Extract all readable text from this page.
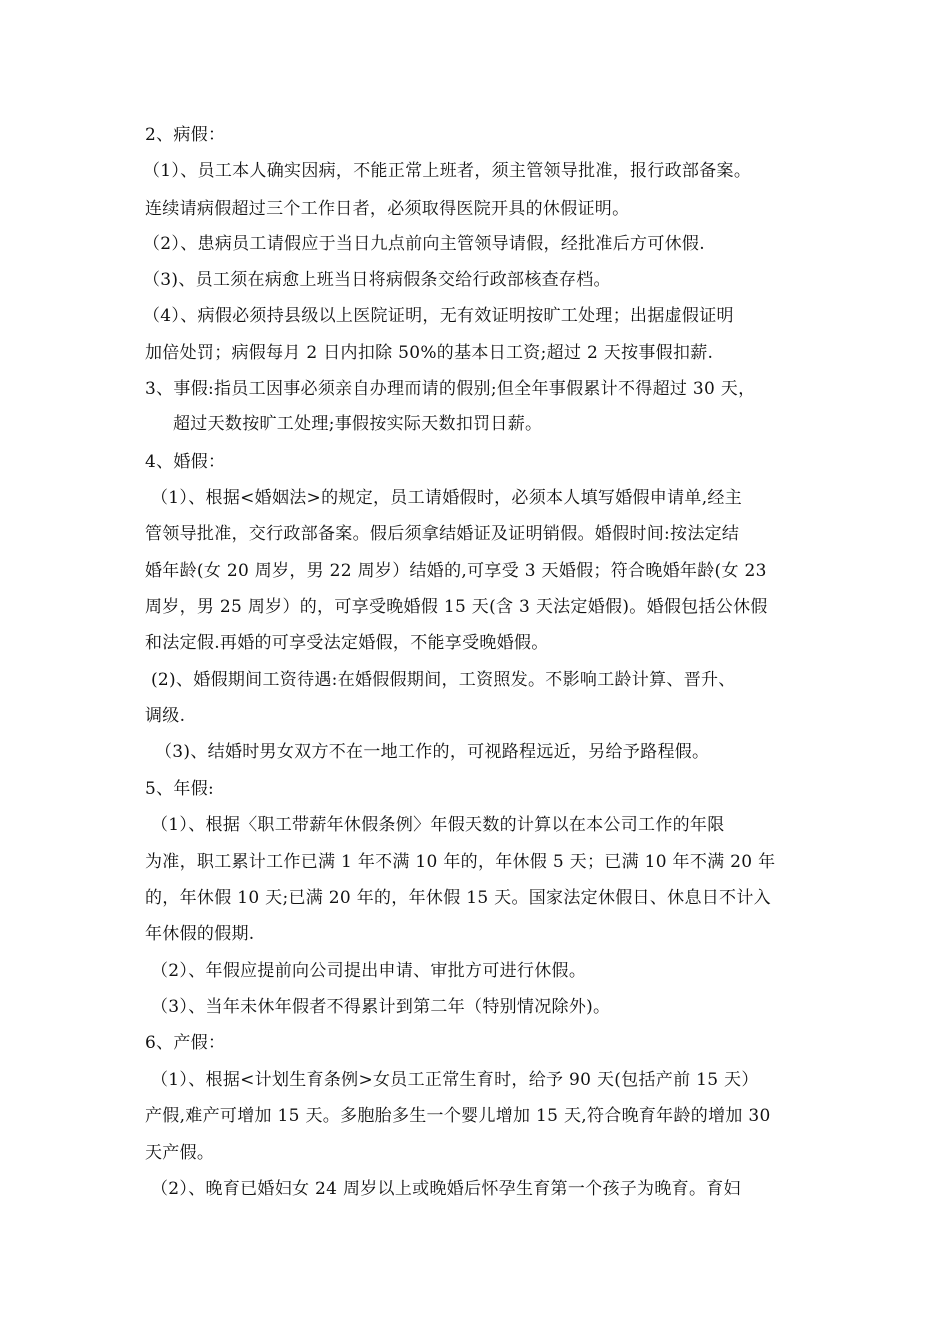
2、病假：
（1）、员工本人确实因病，不能正常上班者，须主管领导批准，报行政部备案。
连续请病假超过三个工作日者，必须取得医院开具的休假证明。
（2）、患病员工请假应于当日九点前向主管领导请假，经批准后方可休假.
（3)、员工须在病愈上班当日将病假条交给行政部核查存档。
（4）、病假必须持县级以上医院证明，无有效证明按旷工处理；出据虚假证明
加倍处罚；病假每月 2 日内扣除 50%的基本日工资;超过 2 天按事假扣薪.
3、事假:指员工因事必须亲自办理而请的假别;但全年事假累计不得超过 30 天，
超过天数按旷工处理;事假按实际天数扣罚日薪。
4、婚假：
（1）、根据<婚姻法>的规定，员工请婚假时，必须本人填写婚假申请单,经主
管领导批准，交行政部备案。假后须拿结婚证及证明销假。婚假时间:按法定结
婚年龄(女 20 周岁，男 22 周岁）结婚的,可享受 3 天婚假；符合晚婚年龄(女 23
周岁，男 25 周岁）的，可享受晚婚假 15 天(含 3 天法定婚假)。婚假包括公休假
和法定假.再婚的可享受法定婚假，不能享受晚婚假。
(2)、婚假期间工资待遇:在婚假假期间，工资照发。不影响工龄计算、晋升、
调级.
（3)、结婚时男女双方不在一地工作的，可视路程远近，另给予路程假。
5、年假:
（1）、根据〈职工带薪年休假条例〉年假天数的计算以在本公司工作的年限
为准，职工累计工作已满 1 年不满 10 年的，年休假 5 天；已满 10 年不满 20 年
的，年休假 10 天;已满 20 年的，年休假 15 天。国家法定休假日、休息日不计入
年休假的假期.
（2）、年假应提前向公司提出申请、审批方可进行休假。
（3）、当年未休年假者不得累计到第二年（特别情况除外)。
6、产假：
（1）、根据<计划生育条例>女员工正常生育时，给予 90 天(包括产前 15 天）
产假,难产可增加 15 天。多胞胎多生一个婴儿增加 15 天,符合晚育年龄的增加 30
天产假。
（2）、晚育已婚妇女 24 周岁以上或晚婚后怀孕生育第一个孩子为晚育。育妇
